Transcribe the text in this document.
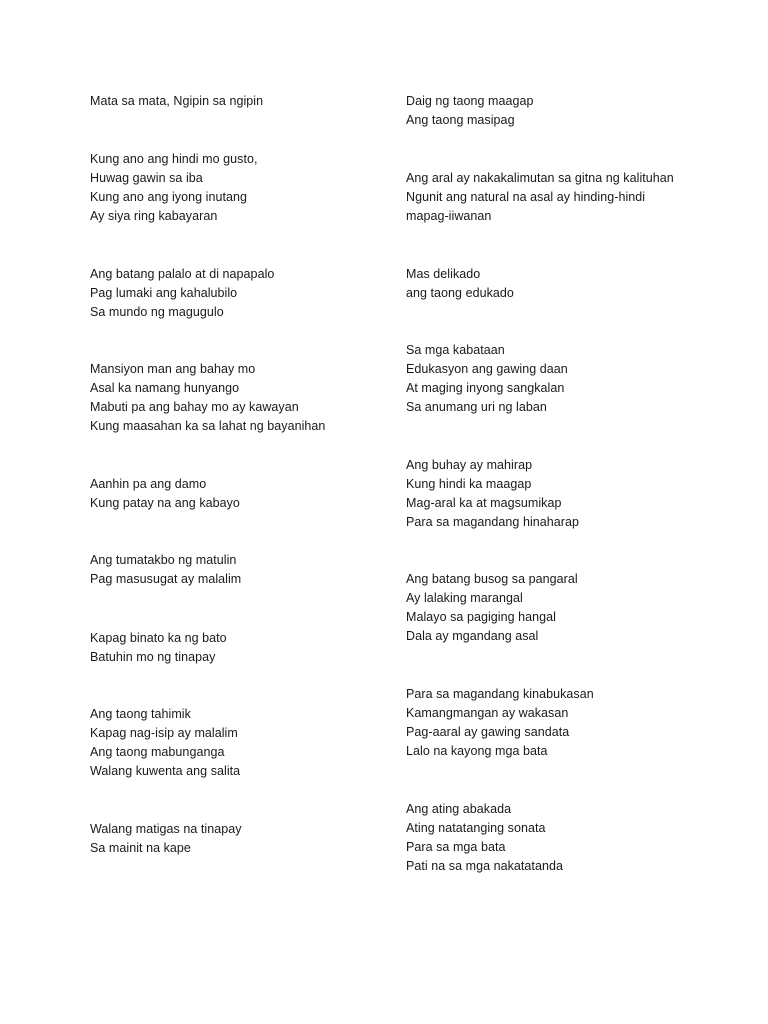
Mata sa mata, Ngipin sa ngipin
Kung ano ang hindi mo gusto,
Huwag gawin sa iba
Kung ano ang iyong inutang
Ay siya ring kabayaran
Ang batang palalo at di napapalo
Pag lumaki ang kahalubilo
Sa mundo ng magugulo
Mansiyon man ang bahay mo
Asal ka namang hunyango
Mabuti pa ang bahay mo ay kawayan
Kung maasahan ka sa lahat ng bayanihan
Aanhin pa ang damo
Kung patay na ang kabayo
Ang tumatakbo ng matulin
Pag masusugat ay malalim
Kapag binato ka ng bato
Batuhin mo ng tinapay
Ang taong tahimik
Kapag nag-isip ay malalim
Ang taong mabunganga
Walang kuwenta ang salita
Walang matigas na tinapay
Sa mainit na kape
Daig ng taong maagap
Ang taong masipag
Ang aral ay nakakalimutan sa gitna ng kalituhan
Ngunit ang natural na asal ay hinding-hindi
mapag-iiwanan
Mas delikado
ang taong edukado
Sa mga kabataan
Edukasyon ang gawing daan
At maging inyong sangkalan
Sa anumang uri ng laban
Ang buhay ay mahirap
Kung hindi ka maagap
Mag-aral ka at magsumikap
Para sa magandang hinaharap
Ang batang busog sa pangaral
Ay lalaking marangal
Malayo sa pagiging hangal
Dala ay mgandang asal
Para sa magandang kinabukasan
Kamangmangan ay wakasan
Pag-aaral ay gawing sandata
Lalo na kayong mga bata
Ang ating abakada
Ating natatanging sonata
Para sa mga bata
Pati na sa mga nakatatanda
